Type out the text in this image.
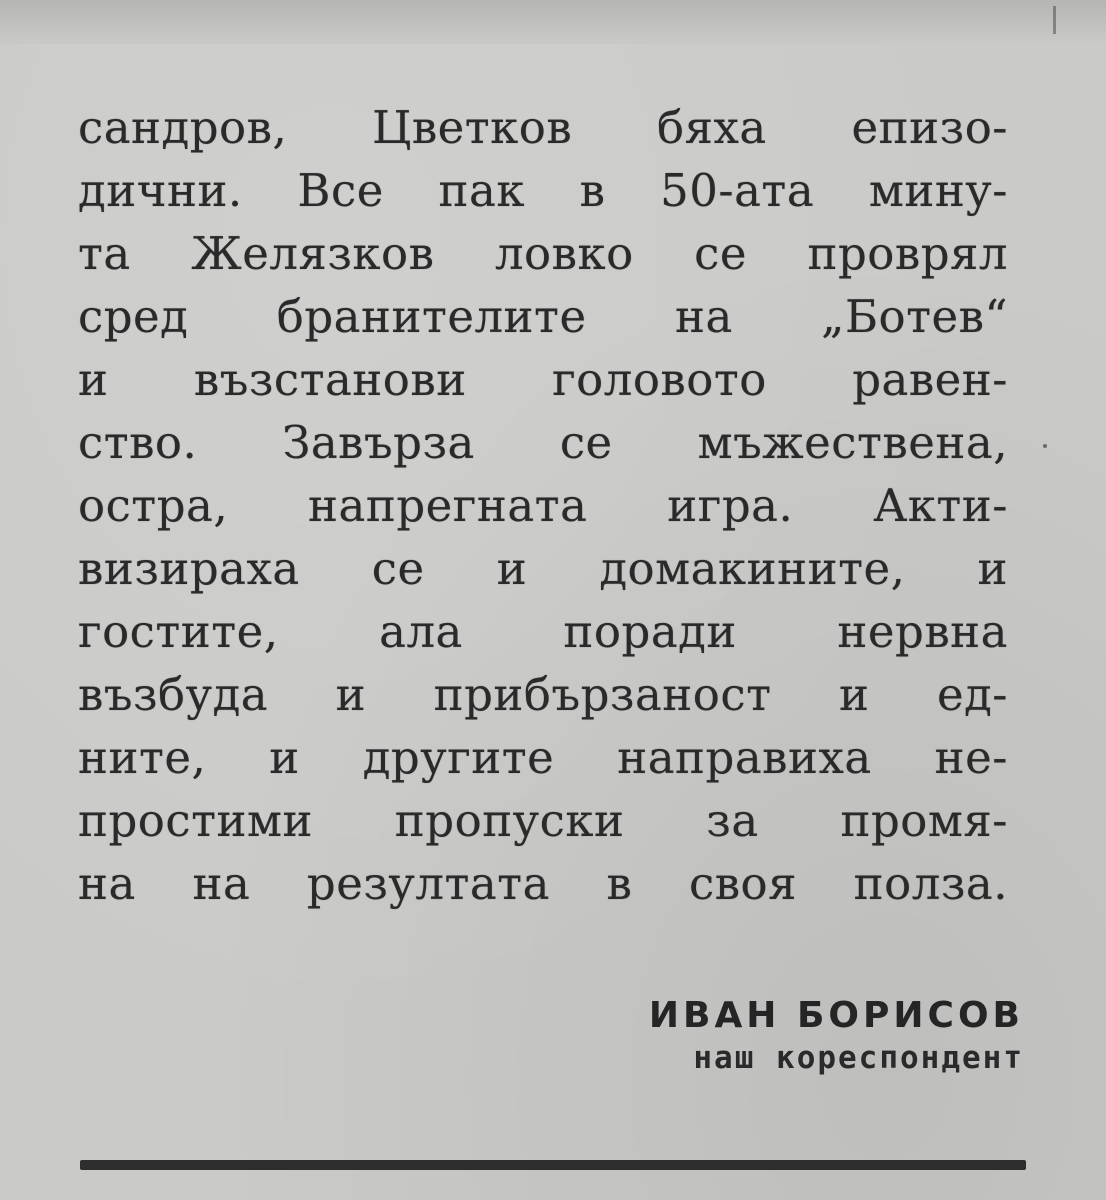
сандров, Цветков бяха епизо-
дични. Все пак в 50-ата мину-
та Желязков ловко се проврял
сред бранителите на „Ботев“
и възстанови головото равен-
ство. Завърза се мъжествена,
остра, напрегната игра. Акти-
визираха се и домакините, и
гостите, ала поради нервна
възбуда и прибързаност и ед-
ните, и другите направиха не-
простими пропуски за промя-
на на резултата в своя полза.
ИВАН БОРИСОВ
наш кореспондент
